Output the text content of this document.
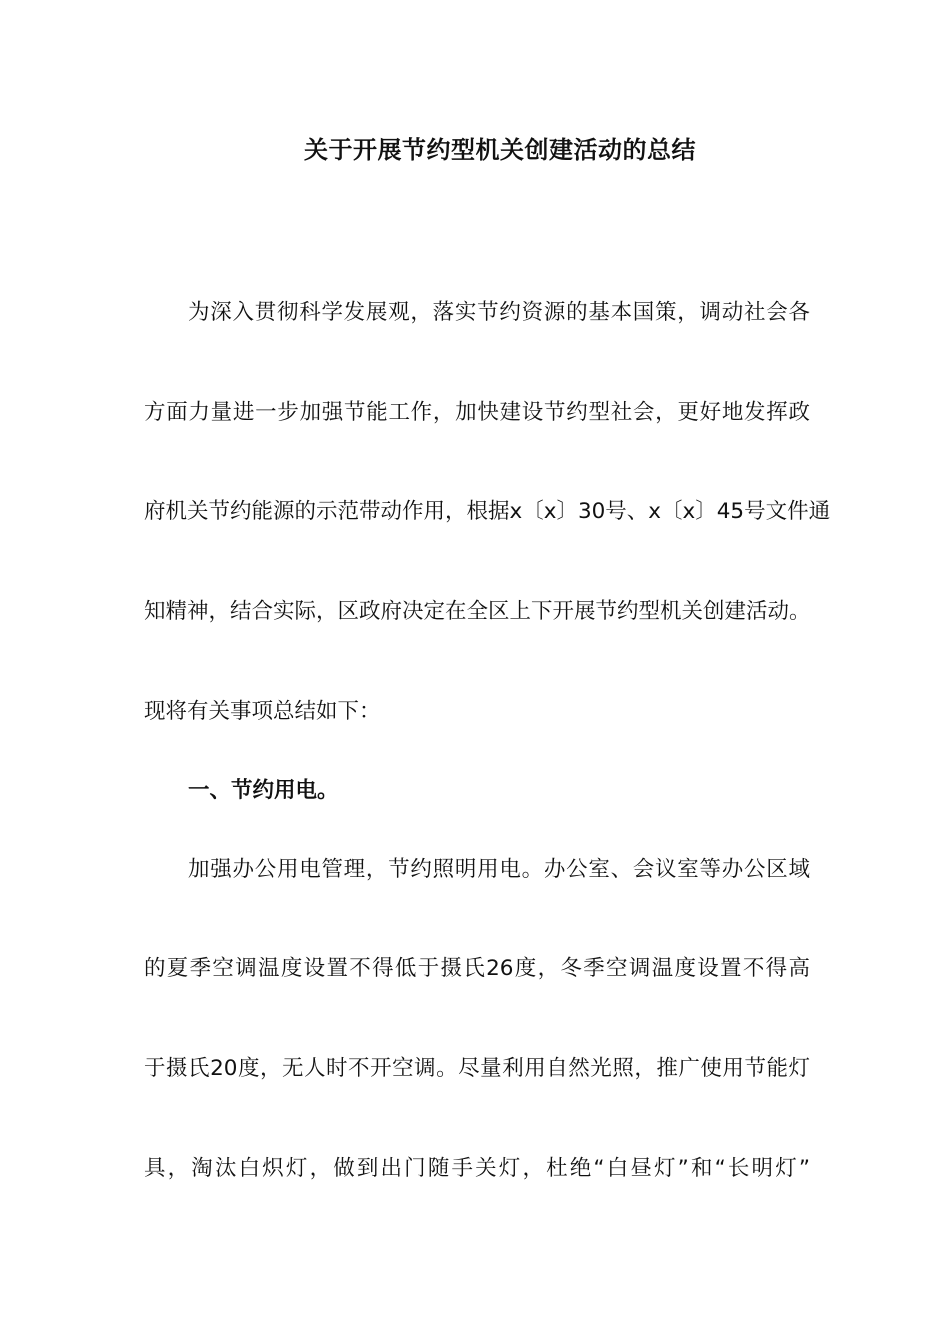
关于开展节约型机关创建活动的总结
为深入贯彻科学发展观，落实节约资源的基本国策，调动社会各
方面力量进一步加强节能工作，加快建设节约型社会，更好地发挥政
府机关节约能源的示范带动作用，根据x〔x〕30号、x〔x〕45号文件通
知精神，结合实际，区政府决定在全区上下开展节约型机关创建活动。
现将有关事项总结如下：
一、节约用电。
加强办公用电管理，节约照明用电。办公室、会议室等办公区域
的夏季空调温度设置不得低于摄氏26度，冬季空调温度设置不得高
于摄氏20度，无人时不开空调。尽量利用自然光照，推广使用节能灯
具，淘汰白炽灯，做到出门随手关灯，杜绝“白昼灯”和“长明灯”
